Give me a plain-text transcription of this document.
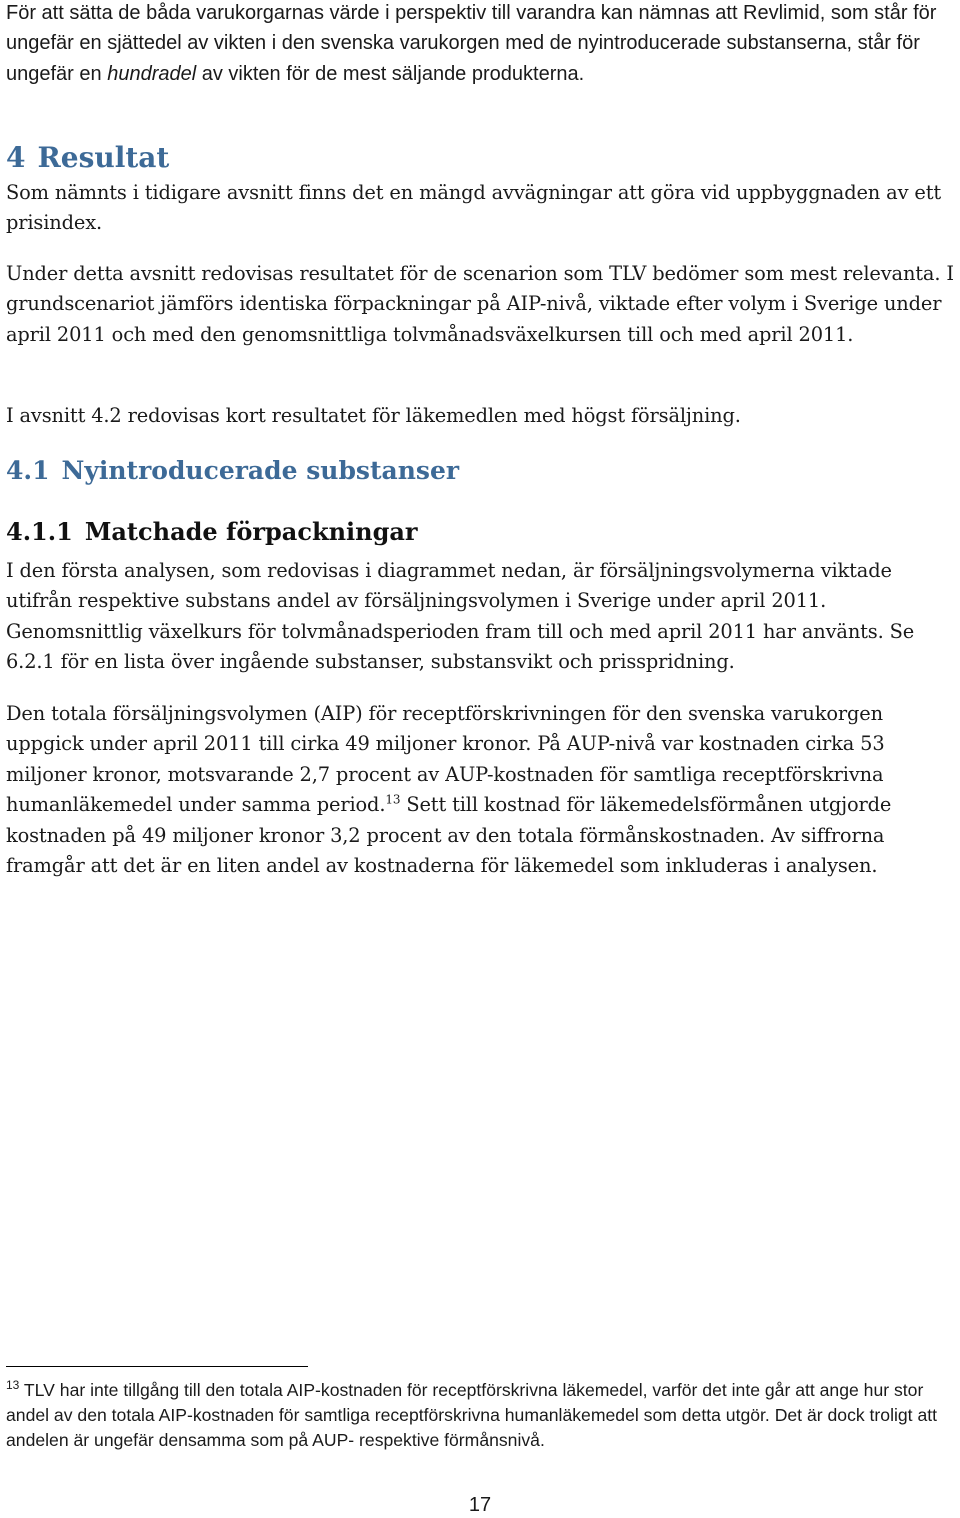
För att sätta de båda varukorgarnas värde i perspektiv till varandra kan nämnas att Revlimid, som står för ungefär en sjättedel av vikten i den svenska varukorgen med de nyintroducerade substanserna, står för ungefär en hundradel av vikten för de mest säljande produkterna.

4 Resultat

Som nämnts i tidigare avsnitt finns det en mängd avvägningar att göra vid uppbyggnaden av ett prisindex.

Under detta avsnitt redovisas resultatet för de scenarion som TLV bedömer som mest relevanta. I grundscenariot jämförs identiska förpackningar på AIP-nivå, viktade efter volym i Sverige under april 2011 och med den genomsnittliga tolvmånadsväxelkursen till och med april 2011.

I avsnitt 4.2 redovisas kort resultatet för läkemedlen med högst försäljning.

4.1 Nyintroducerade substanser
4.1.1 Matchade förpackningar

I den första analysen, som redovisas i diagrammet nedan, är försäljningsvolymerna viktade utifrån respektive substans andel av försäljningsvolymen i Sverige under april 2011. Genomsnittlig växelkurs för tolvmånadsperioden fram till och med april 2011 har använts. Se 6.2.1 för en lista över ingående substanser, substansvikt och prisspridning.

Den totala försäljningsvolymen (AIP) för receptförskrivningen för den svenska varukorgen uppgick under april 2011 till cirka 49 miljoner kronor. På AUP-nivå var kostnaden cirka 53 miljoner kronor, motsvarande 2,7 procent av AUP-kostnaden för samtliga receptförskrivna humanläkemedel under samma period.$^{13}$ Sett till kostnad för läkemedelsförmånen utgjorde kostnaden på 49 miljoner kronor 3,2 procent av den totala förmånskostnaden. Av siffrorna framgår att det är en liten andel av kostnaderna för läkemedel som inkluderas i analysen.

$^{13}$ TLV har inte tillgång till den totala AIP-kostnaden för receptförskrivna läkemedel, varför det inte går att ange hur stor andel av den totala AIP-kostnaden för samtliga receptförskrivna humanläkemedel som detta utgör. Det är dock troligt att andelen är ungefär densamma som på AUP- respektive förmånsnivå.

17
